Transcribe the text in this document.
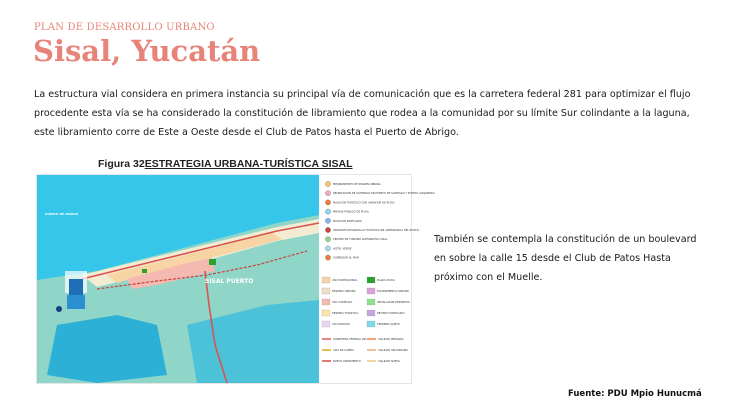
PLAN DE DESARROLLO URBANO
Sisal, Yucatán
La estructura vial considera en primera instancia su principal vía de comunicación que es la carretera federal 281 para optimizar el flujo procedente esta vía se ha considerado la constitución de libramiento que rodea a la comunidad por su límite Sur colindante a la laguna, este libramiento corre de Este a Oeste desde el Club de Patos hasta el Puerto de Abrigo.
Figura 32ESTRATEGIA URBANA-TURÍSTICA SISAL
SISAL PUERTO
PUERTO DE ABRIGO
MEJORAMIENTO DE IMAGEN URBANA
REUBICACIÓN DE VIVIENDAS EN PUERTO DE SANTIAGO Y PUERTO ALEJANDRÍA
MALECÓN TURÍSTICO CON ANDADOR DE PLAYA
PARQUE PÚBLICO DE PLAYA
MALECÓN PORTUARIO
UNIDADES DESARROLLO TURÍSTICO EN ALTERNANCIA DEL PACIFIC
CENTRO DE TURISMO ALTERNATIVO SISAL
HOTEL VERDE
CORREDOR AL MAR
USO HABITACIONAL	PLAZA CÍVICA
RESERVA URBANA	EQUIPAMIENTO URBANO
USO TURÍSTICO	INSTALACIÓN DEPORTIVA
RESERVA TURÍSTICA	RECINTO PORTUARIO
USO PRIVADO	TERRENO SUJETO
CARRETERA FEDERAL 281	VIALIDAD PRIMARIA
VÍAS DE CAMPO	VIALIDAD SECUNDARIA
NUEVO LIBRAMIENTO	VIALIDAD NUEVA
También se contempla la constitución de un boulevard en sobre la calle 15 desde el Club de Patos Hasta próximo con el Muelle.
Fuente: PDU Mpio Hunucmá
